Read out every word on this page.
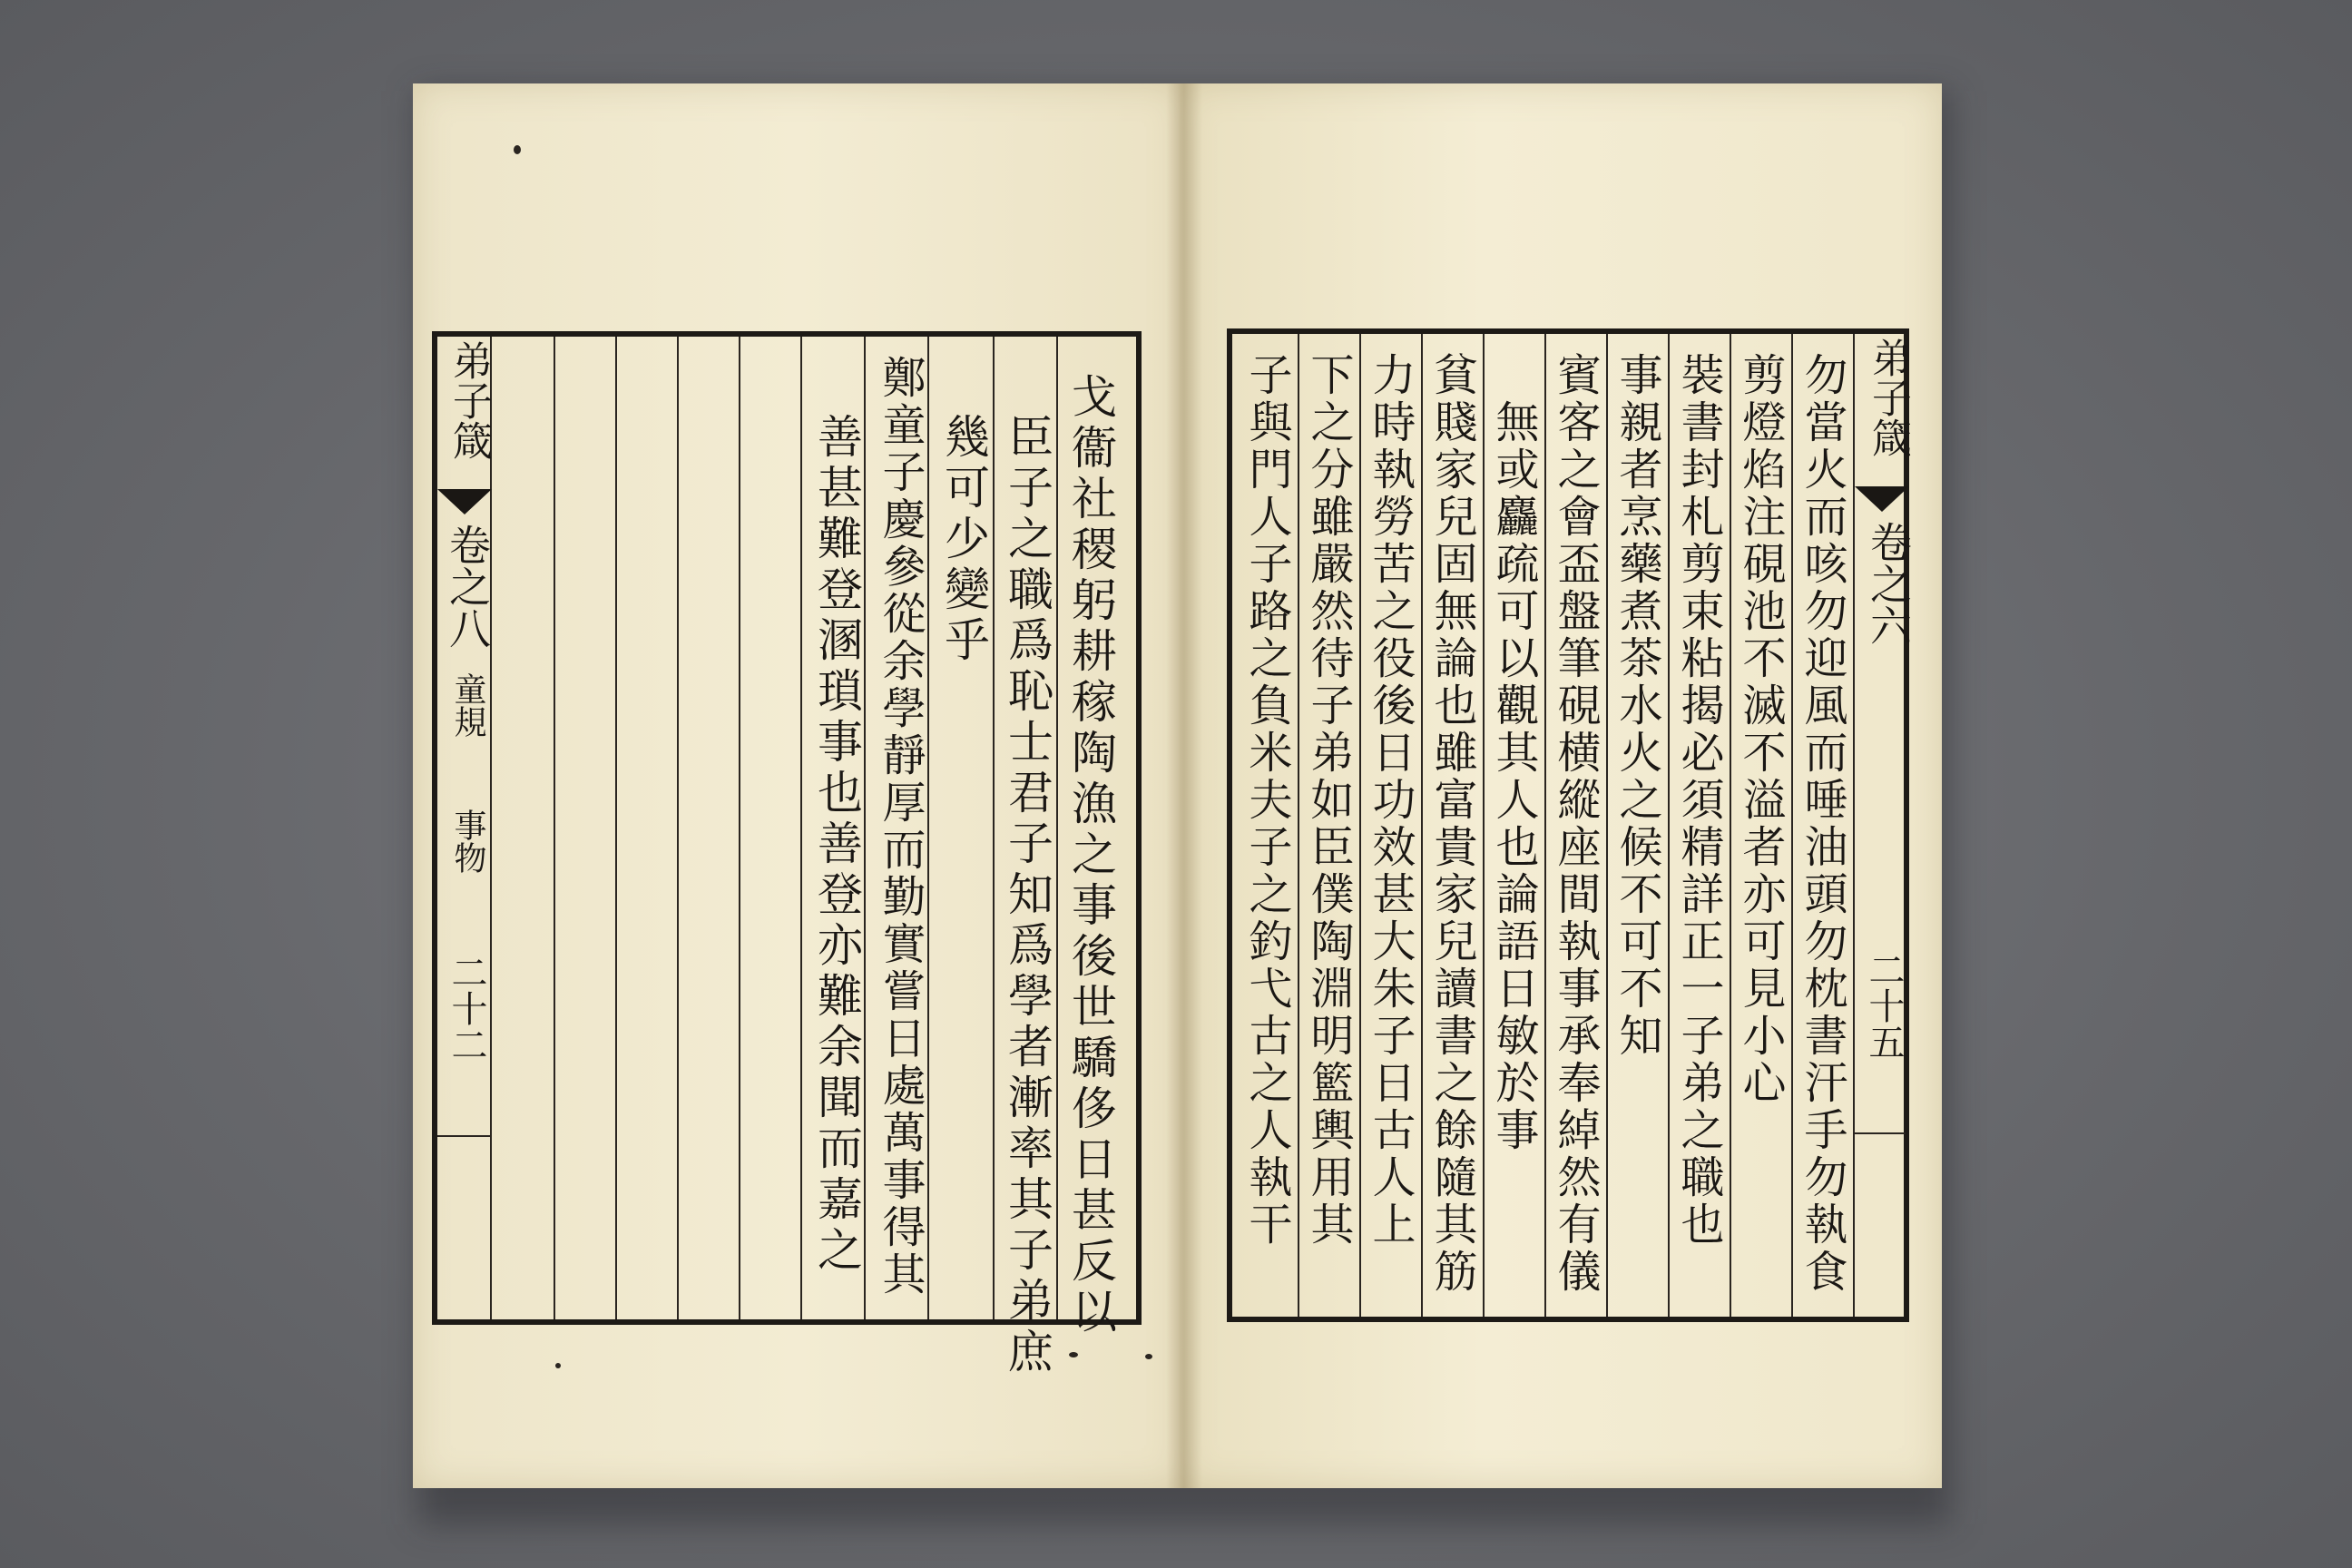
戈衞社稷躬耕稼陶漁之事後世驕侈日甚反以
臣子之職爲恥士君子知爲學者漸率其子弟庶
幾可少變乎
鄭童子慶參從余學靜厚而勤實嘗日處萬事得其
善甚難登溷瑣事也善登亦難余聞而嘉之
弟子箴
卷之八
童規
事物
二十二	勿當火而咳勿迎風而唾油頭勿枕書汗手勿執食
剪燈焰注硯池不滅不溢者亦可見小心
裝書封札剪束粘揭必須精詳正一子弟之職也
事親者烹藥煮茶水火之候不可不知
賓客之會盃盤筆硯横縱座間執事承奉綽然有儀
無或麤疏可以觀其人也論語日敏於事
貧賤家兒固無論也雖富貴家兒讀書之餘隨其筋
力時執勞苦之役後日功效甚大朱子日古人上
下之分雖嚴然待子弟如臣僕陶淵明籃輿用其
子與門人子路之負米夫子之釣弋古之人執干	弟子箴
卷之六
二十五
